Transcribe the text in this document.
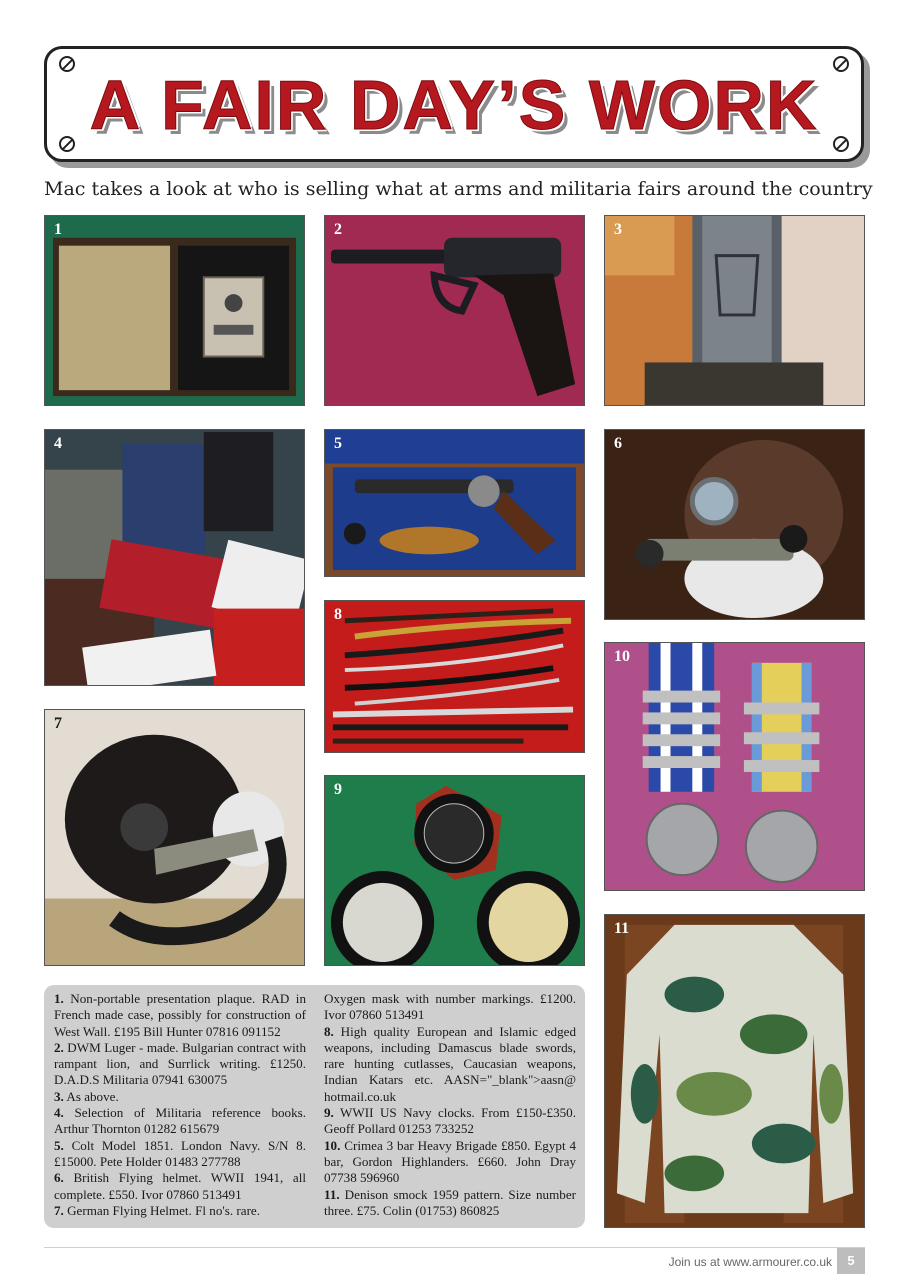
A FAIR DAY’S WORK
Mac takes a look at who is selling what at arms and militaria fairs around the country
1	2	3
4	5	6
7
8
9
10
11

1. Non-portable presentation plaque. RAD in French made case, possibly for construction of West Wall. £195 Bill Hunter 07816 091152

2. DWM Luger - made. Bulgarian contract with rampant lion, and Surrlick writing. £1250. D.A.D.S Militaria 07941 630075

3. As above.

4. Selection of Militaria reference books. Arthur Thornton 01282 615679

5. Colt Model 1851. London Navy. S/N 8. £15000. Pete Holder 01483 277788

6. British Flying helmet. WWII 1941, all complete. £550. Ivor 07860 513491

7. German Flying Helmet. Fl no's. rare.

Oxygen mask with number markings. £1200. Ivor 07860 513491

8. High quality European and Islamic edged weapons, including Damascus blade swords, rare hunting cutlasses, Caucasian weapons, Indian Katars etc. AASN="_blank">aasn@ hotmail.co.uk

9. WWII US Navy clocks. From £150-£350. Geoff Pollard 01253 733252

10. Crimea 3 bar Heavy Brigade £850. Egypt 4 bar, Gordon Highlanders. £660. John Dray 07738 596960

11. Denison smock 1959 pattern. Size number three. £75. Colin (01753) 860825

Join us at www.armourer.co.uk	5
